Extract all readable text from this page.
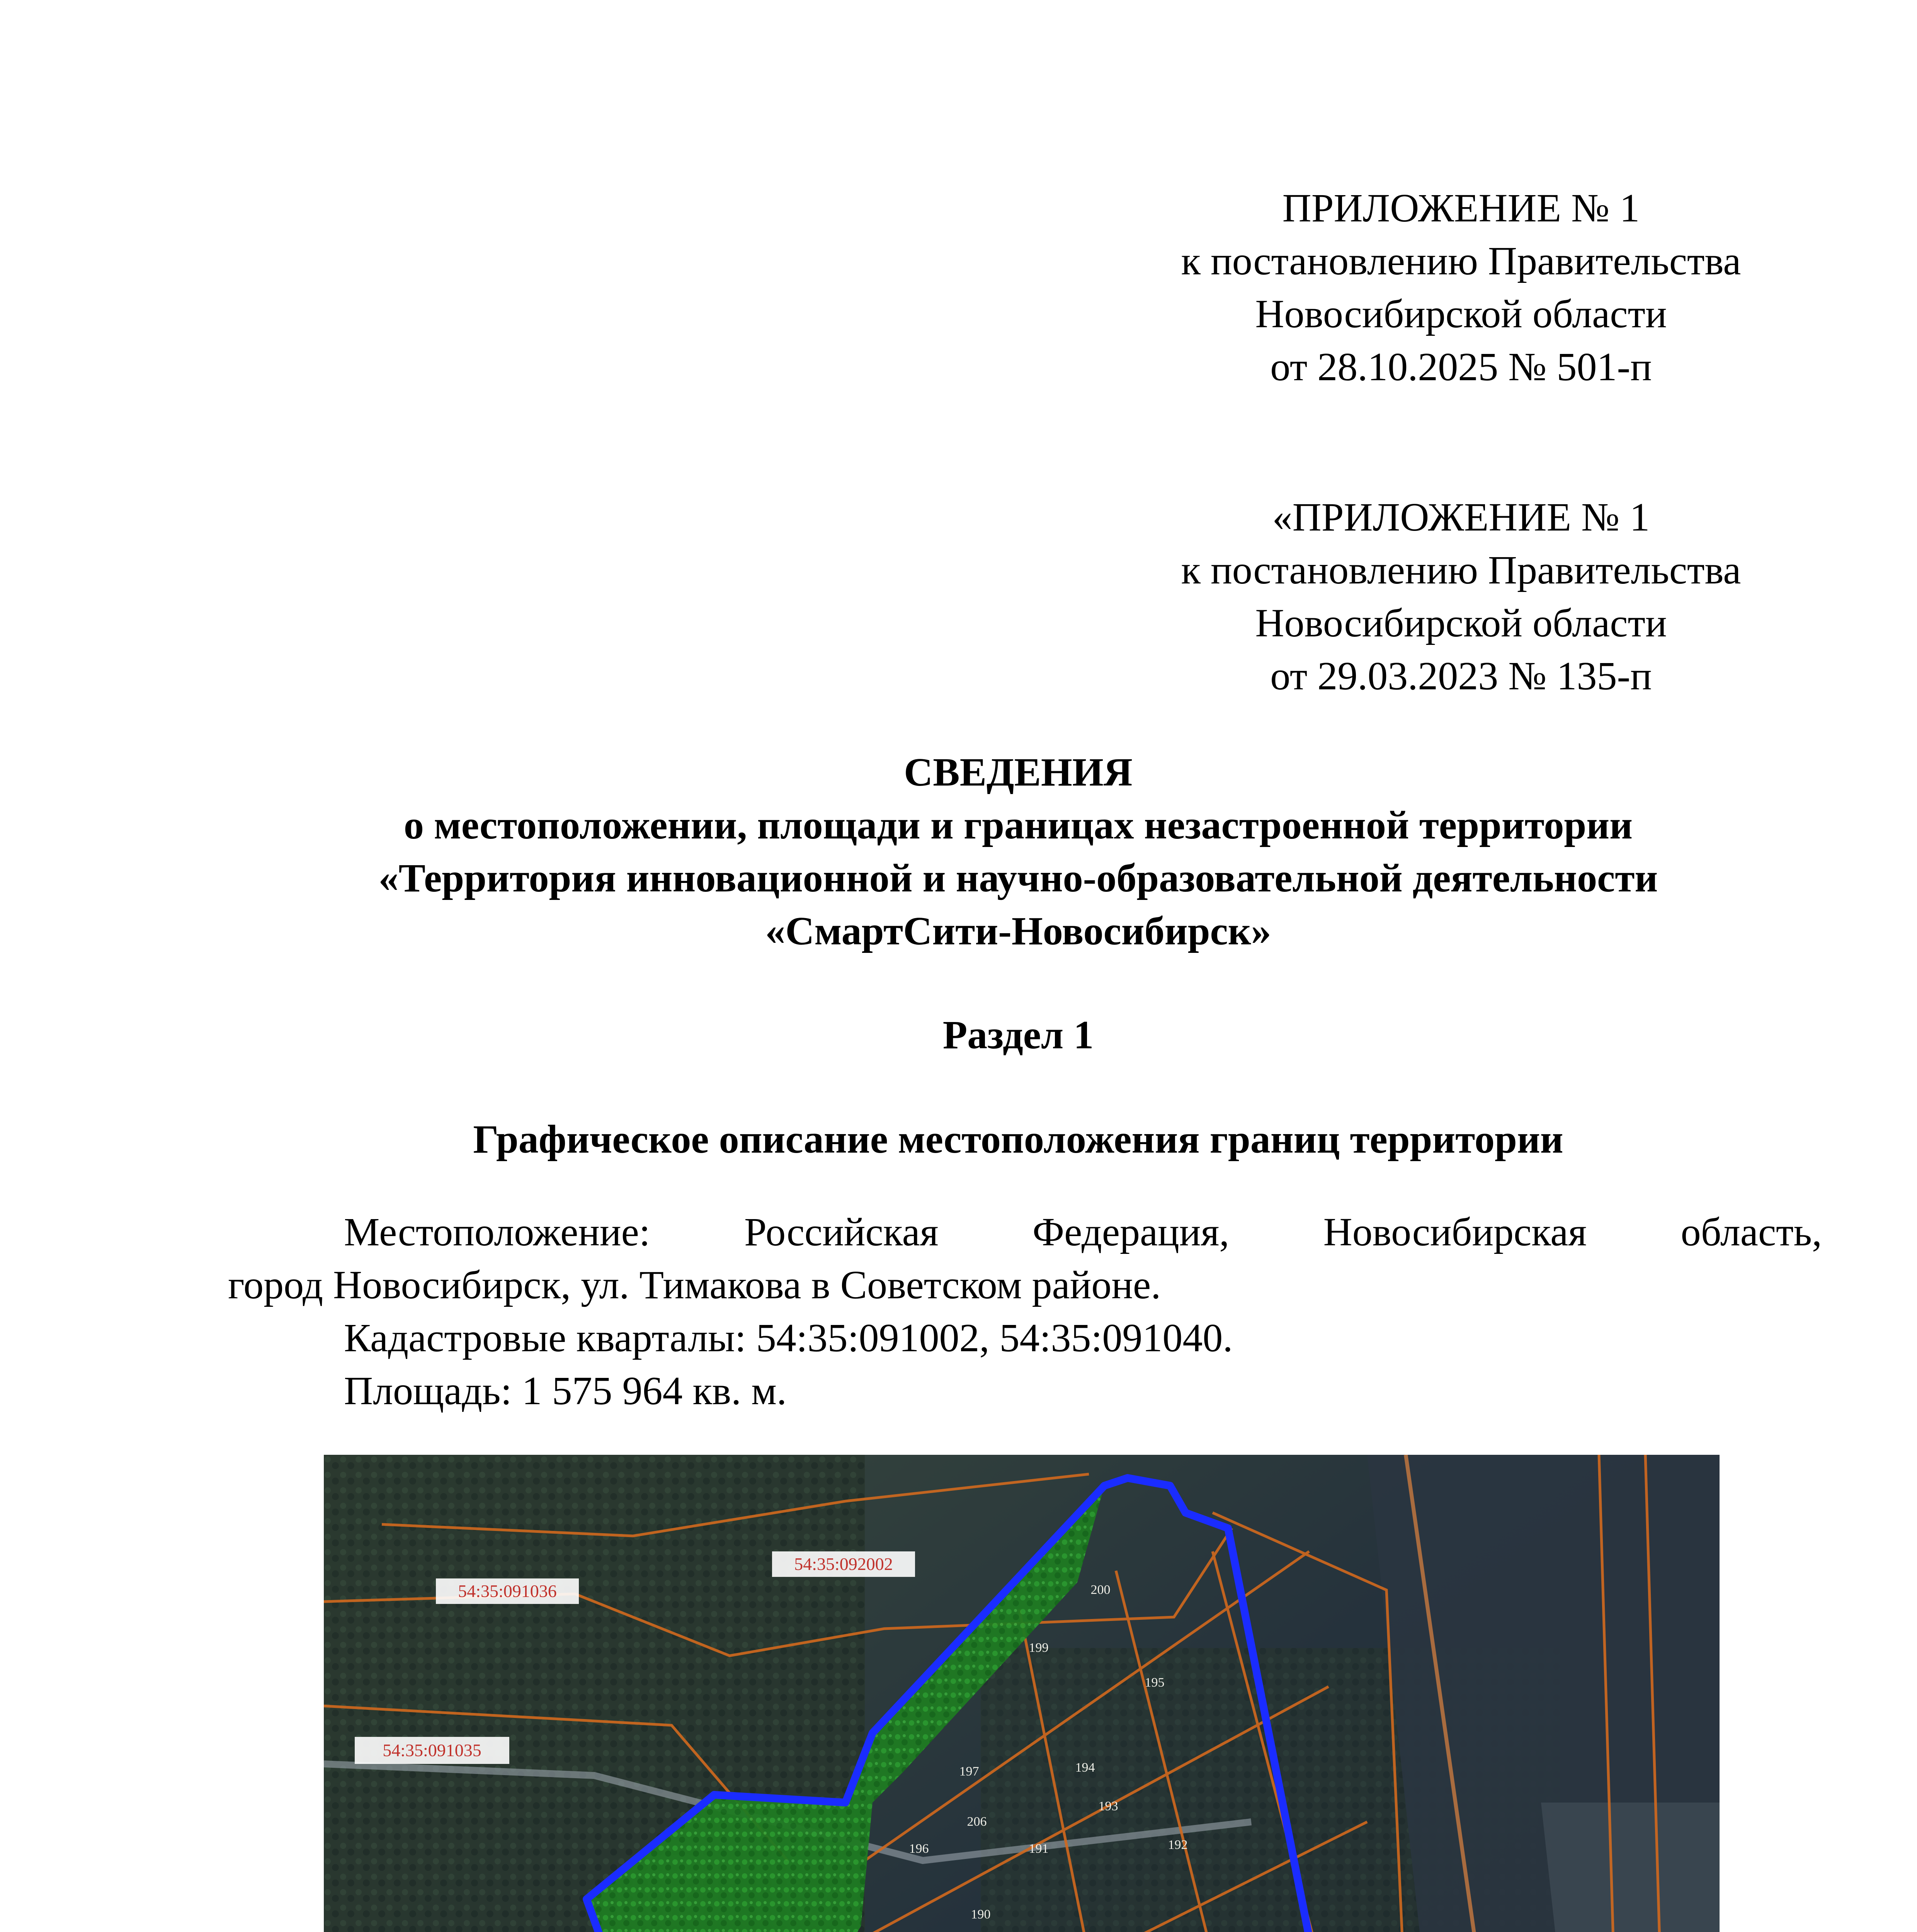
ПРИЛОЖЕНИЕ № 1
к постановлению Правительства
Новосибирской области
от 28.10.2025 № 501-п
«ПРИЛОЖЕНИЕ № 1
к постановлению Правительства
Новосибирской области
от 29.03.2023 № 135-п
СВЕДЕНИЯ
о местоположении, площади и границах незастроенной территории
«Территория инновационной и научно-образовательной деятельности
«СмартСити-Новосибирск»
Раздел 1
Графическое описание местоположения границ территории
Местоположение: Российская Федерация, Новосибирская область,
город Новосибирск, ул. Тимакова в Советском районе.
Кадастровые кварталы: 54:35:091002, 54:35:091040.
Площадь: 1 575 964 кв. м.
54:35:091036
54:35:092002
54:35:091035
200
199
195
197	194
193
206
196	191	192
190
